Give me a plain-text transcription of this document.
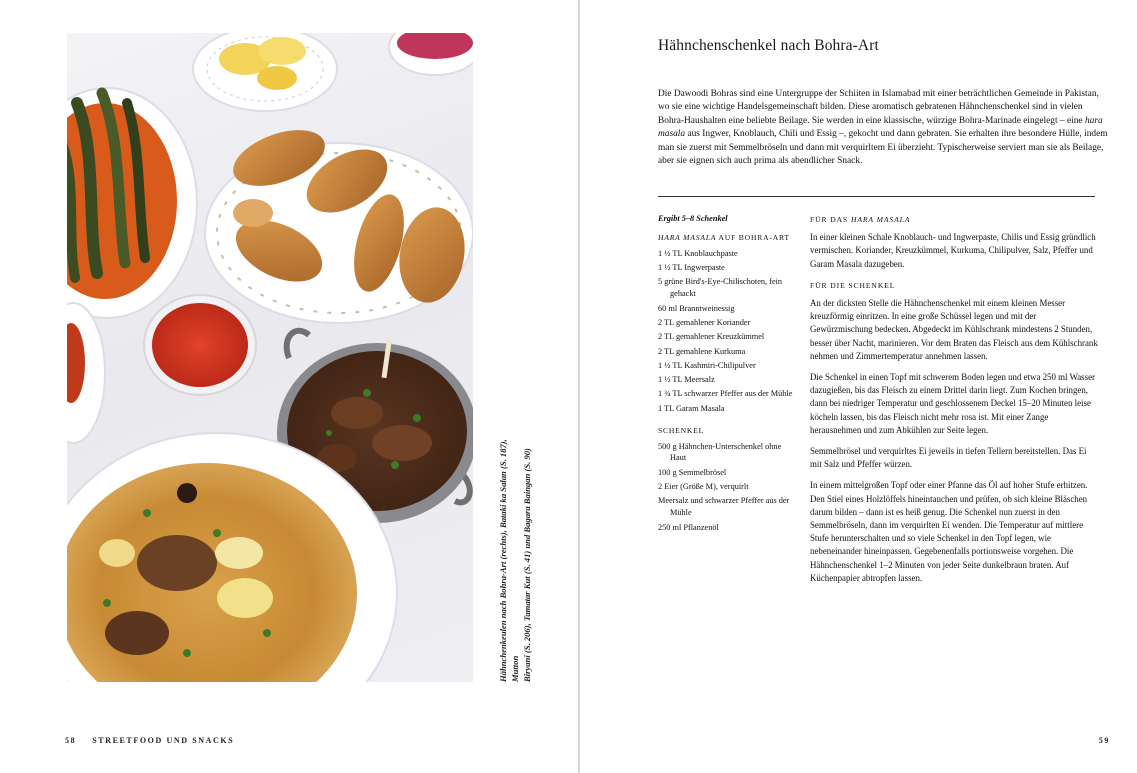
Hähnchenkeulen nach Bohra-Art (rechts), Bataki ka Salan (S. 187), Mutton Biryani (S. 206), Tamatar Kut (S. 41) und Bagara Baingan (S. 90)
58 STREETFOOD UND SNACKS
Hähnchenschenkel nach Bohra-Art

Die Dawoodi Bohras sind eine Untergruppe der Schiiten in Islamabad mit einer beträchtlichen Gemeinde in Pakistan, wo sie eine wichtige Handelsgemeinschaft bilden. Diese aromatisch gebratenen Hähnchenschenkel sind in vielen Bohra-Haushalten eine beliebte Beilage. Sie werden in eine klassische, würzige Bohra-Marinade eingelegt – eine hara masala aus Ingwer, Knoblauch, Chili und Essig –, gekocht und dann gebraten. Sie erhalten ihre besondere Hülle, indem man sie zuerst mit Semmelbröseln und dann mit verquirltem Ei überzieht. Typischerweise serviert man sie als Beilage, aber sie eignen sich auch prima als abendlicher Snack.

Ergibt 5–8 Schenkel
HARA MASALA AUF BOHRA-ART
1 ½ TL Knoblauchpaste
1 ½ TL Ingwerpaste
5 grüne Bird's-Eye-Chilischoten, fein gehackt
60 ml Branntweinessig
2 TL gemahlener Koriander
2 TL gemahlener Kreuzkümmel
2 TL gemahlene Kurkuma
1 ½ TL Kashmiri-Chilipulver
1 ½ TL Meersalz
1 ¾ TL schwarzer Pfeffer aus der Mühle
1 TL Garam Masala
SCHENKEL
500 g Hähnchen-Unterschenkel ohne Haut
100 g Semmelbrösel
2 Eier (Größe M), verquirlt
Meersalz und schwarzer Pfeffer aus der Mühle
250 ml Pflanzenöl
FÜR DAS HARA MASALA

In einer kleinen Schale Knoblauch- und Ingwerpaste, Chilis und Essig gründlich vermischen. Koriander, Kreuzkümmel, Kurkuma, Chilipulver, Salz, Pfeffer und Garam Masala dazugeben.

FÜR DIE SCHENKEL

An der dicksten Stelle die Hähnchenschenkel mit einem kleinen Messer kreuzförmig einritzen. In eine große Schüssel legen und mit der Gewürzmischung bedecken. Abgedeckt im Kühlschrank mindestens 2 Stunden, besser über Nacht, marinieren. Vor dem Braten das Fleisch aus dem Kühlschrank nehmen und Zimmertemperatur annehmen lassen.

Die Schenkel in einen Topf mit schwerem Boden legen und etwa 250 ml Wasser dazugießen, bis das Fleisch zu einem Drittel darin liegt. Zum Kochen bringen, dann bei niedriger Temperatur und geschlossenem Deckel 15–20 Minuten leise köcheln lassen, bis das Fleisch nicht mehr rosa ist. Mit einer Zange herausnehmen und zum Abkühlen zur Seite legen.

Semmelbrösel und verquirltes Ei jeweils in tiefen Tellern bereitstellen. Das Ei mit Salz und Pfeffer würzen.

In einem mittelgroßen Topf oder einer Pfanne das Öl auf hoher Stufe erhitzen. Den Stiel eines Holzlöffels hineintauchen und prüfen, ob sich kleine Bläschen darum bilden – dann ist es heiß genug. Die Schenkel nun zuerst in den Semmelbröseln, dann im verquirlten Ei wenden. Die Temperatur auf mittlere Stufe herunterschalten und so viele Schenkel in den Topf legen, wie nebeneinander hineinpassen. Gegebenenfalls portionsweise vorgehen. Die Hähnchenschenkel 1–2 Minuten von jeder Seite dunkelbraun braten. Auf Küchenpapier abtropfen lassen.

59
